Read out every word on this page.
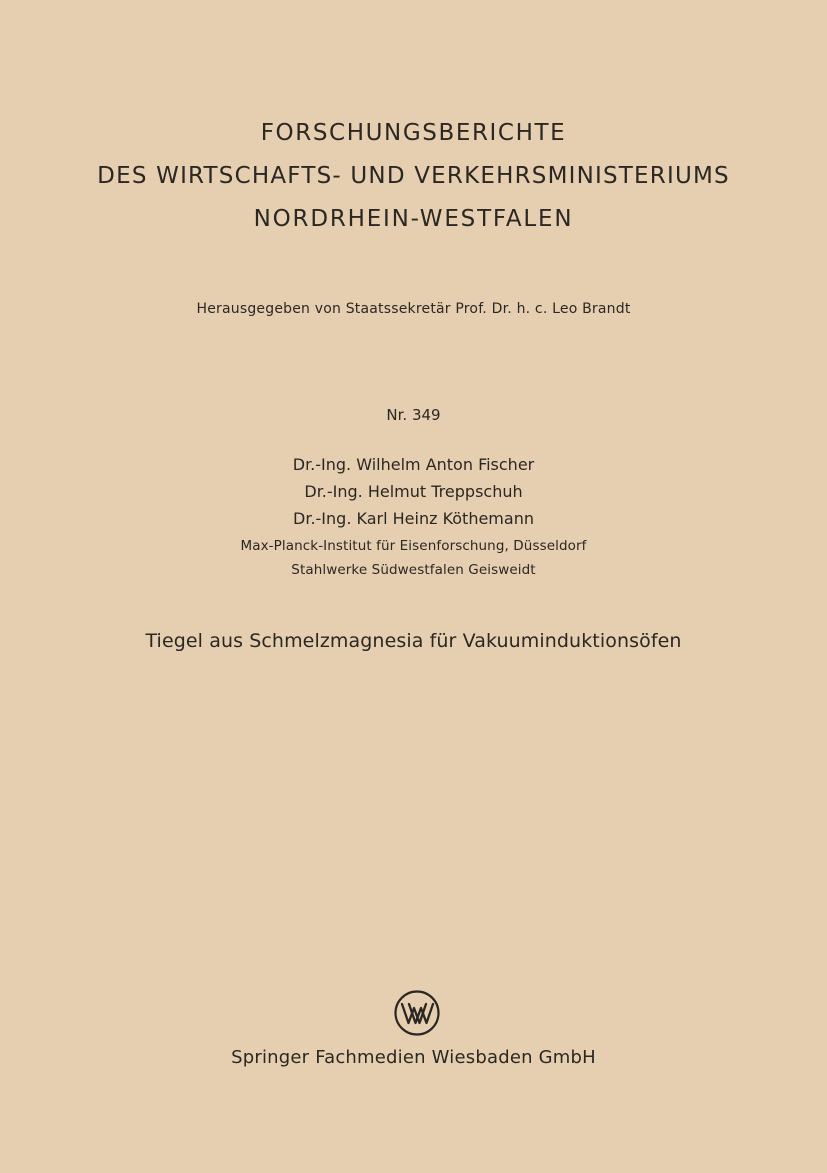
FORSCHUNGSBERICHTE
DES WIRTSCHAFTS- UND VERKEHRSMINISTERIUMS
NORDRHEIN-WESTFALEN
Herausgegeben von Staatssekretär Prof. Dr. h. c. Leo Brandt
Nr. 349
Dr.-Ing. Wilhelm Anton Fischer
Dr.-Ing. Helmut Treppschuh
Dr.-Ing. Karl Heinz Köthemann
Max-Planck-Institut für Eisenforschung, Düsseldorf
Stahlwerke Südwestfalen Geisweidt
Tiegel aus Schmelzmagnesia für Vakuuminduktionsöfen
Springer Fachmedien Wiesbaden GmbH
